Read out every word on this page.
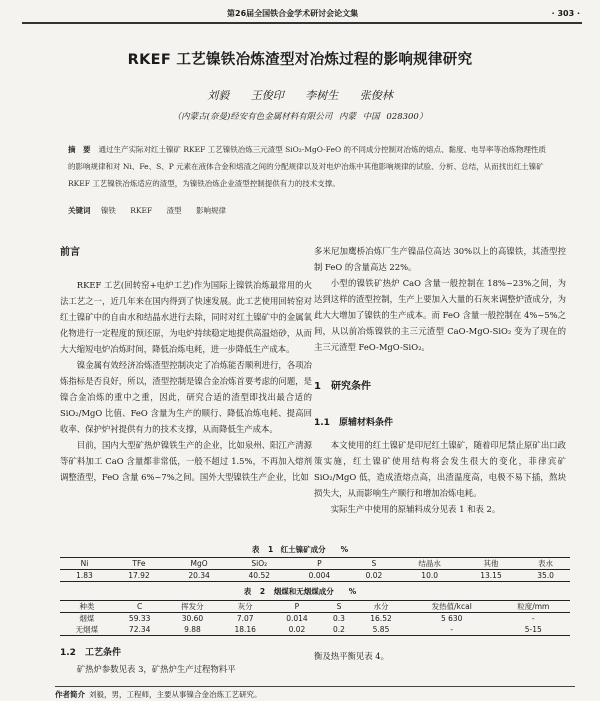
第26届全国铁合金学术研讨会论文集	· 303 ·
RKEF 工艺镍铁冶炼渣型对冶炼过程的影响规律研究
刘毅 王俊印 李树生 张俊林
（内蒙古(奈曼)经安有色金属材料有限公司 内蒙 中国 028300）
摘　要 通过生产实际对红土镍矿 RKEF 工艺镍铁冶炼三元渣型 SiO₂-MgO-FeO 的不同成分控制对冶炼的熔点、黏度、电导率等冶炼物理性质的影响规律和对 Ni、Fe、S、P 元素在液体合金和熔渣之间的分配规律以及对电炉冶炼中其他影响规律的试验、分析、总结，从而找出红土镍矿 RKEF 工艺镍铁冶炼适应的渣型，为镍铁冶炼企业渣型控制提供有力的技术支撑。
关键词 镍铁 RKEF 渣型 影响规律
前言

RKEF 工艺(回转窑+电炉工艺)作为国际上镍铁冶炼最常用的火法工艺之一，近几年来在国内得到了快速发展。此工艺使用回转窑对红土镍矿中的自由水和结晶水进行去除，同时对红土镍矿中的金属氧化物进行一定程度的预还原，为电炉持续稳定地提供高温焙砂，从而大大缩短电炉冶炼时间，降低冶炼电耗，进一步降低生产成本。

镍金属有效经济冶炼渣型控制决定了冶炼能否顺利进行，各项冶炼指标是否良好，所以，渣型控制是镍合金冶炼首要考虑的问题，是镍合金冶炼的重中之重，因此，研究合适的渣型即找出最合适的 SiO₂/MgO 比值、FeO 含量为生产的顺行、降低冶炼电耗、提高回收率、保护炉衬提供有力的技术支撑，从而降低生产成本。

目前，国内大型矿热炉镍铁生产的企业，比如泉州、阳江产清源等矿料加工 CaO 含量都非常低，一般不超过 1.5%，不再加入熔剂调整渣型，FeO 含量 6%~7%之间。国外大型镍铁生产企业，比如

多米尼加鹰桥冶炼厂生产镍品位高达 30%以上的高镍铁，其渣型控制 FeO 的含量高达 22%。

小型的镍铁矿热炉 CaO 含量一般控制在 18%~23%之间，为达到这样的渣型控制，生产上要加入大量的石灰来调整炉渣成分，为此大大增加了镍铁的生产成本。而 FeO 含量一般控制在 4%~5%之间，从以前冶炼镍铁的主三元渣型 CaO-MgO-SiO₂ 变为了现在的主三元渣型 FeO-MgO-SiO₂。

1　研究条件
1.1　原辅材料条件

本文使用的红土镍矿是印尼红土镍矿，随着印尼禁止原矿出口政策实施，红土镍矿使用结构将会发生很大的变化，菲律宾矿 SiO₂/MgO 低，造成渣熔点高，出渣温度高，电极不易下插，熬块损失大，从而影响生产顺行和增加冶炼电耗。

实际生产中使用的原辅料成分见表 1 和表 2。

表 1　红土镍矿成分　　%
Ni	TFe	MgO	SiO₂	P	S	结晶水	其他	表水
1.83	17.92	20.34	40.52	0.004	0.02	10.0	13.15	35.0
表 2 烟煤和无烟煤成分　　%
种类	C	挥发分	灰分	P	S	水分	发热值/kcal	粒度/mm
烟煤	59.33	30.60	7.07	0.014	0.3	16.52	5 630	-
无烟煤	72.34	9.88	18.16	0.02	0.2	5.85	-	5-15
1.2　工艺条件

矿热炉参数见表 3，矿热炉生产过程物料平

衡及热平衡见表 4。

作者简介 刘毅，男，工程师，主要从事镍合金冶炼工艺研究。
